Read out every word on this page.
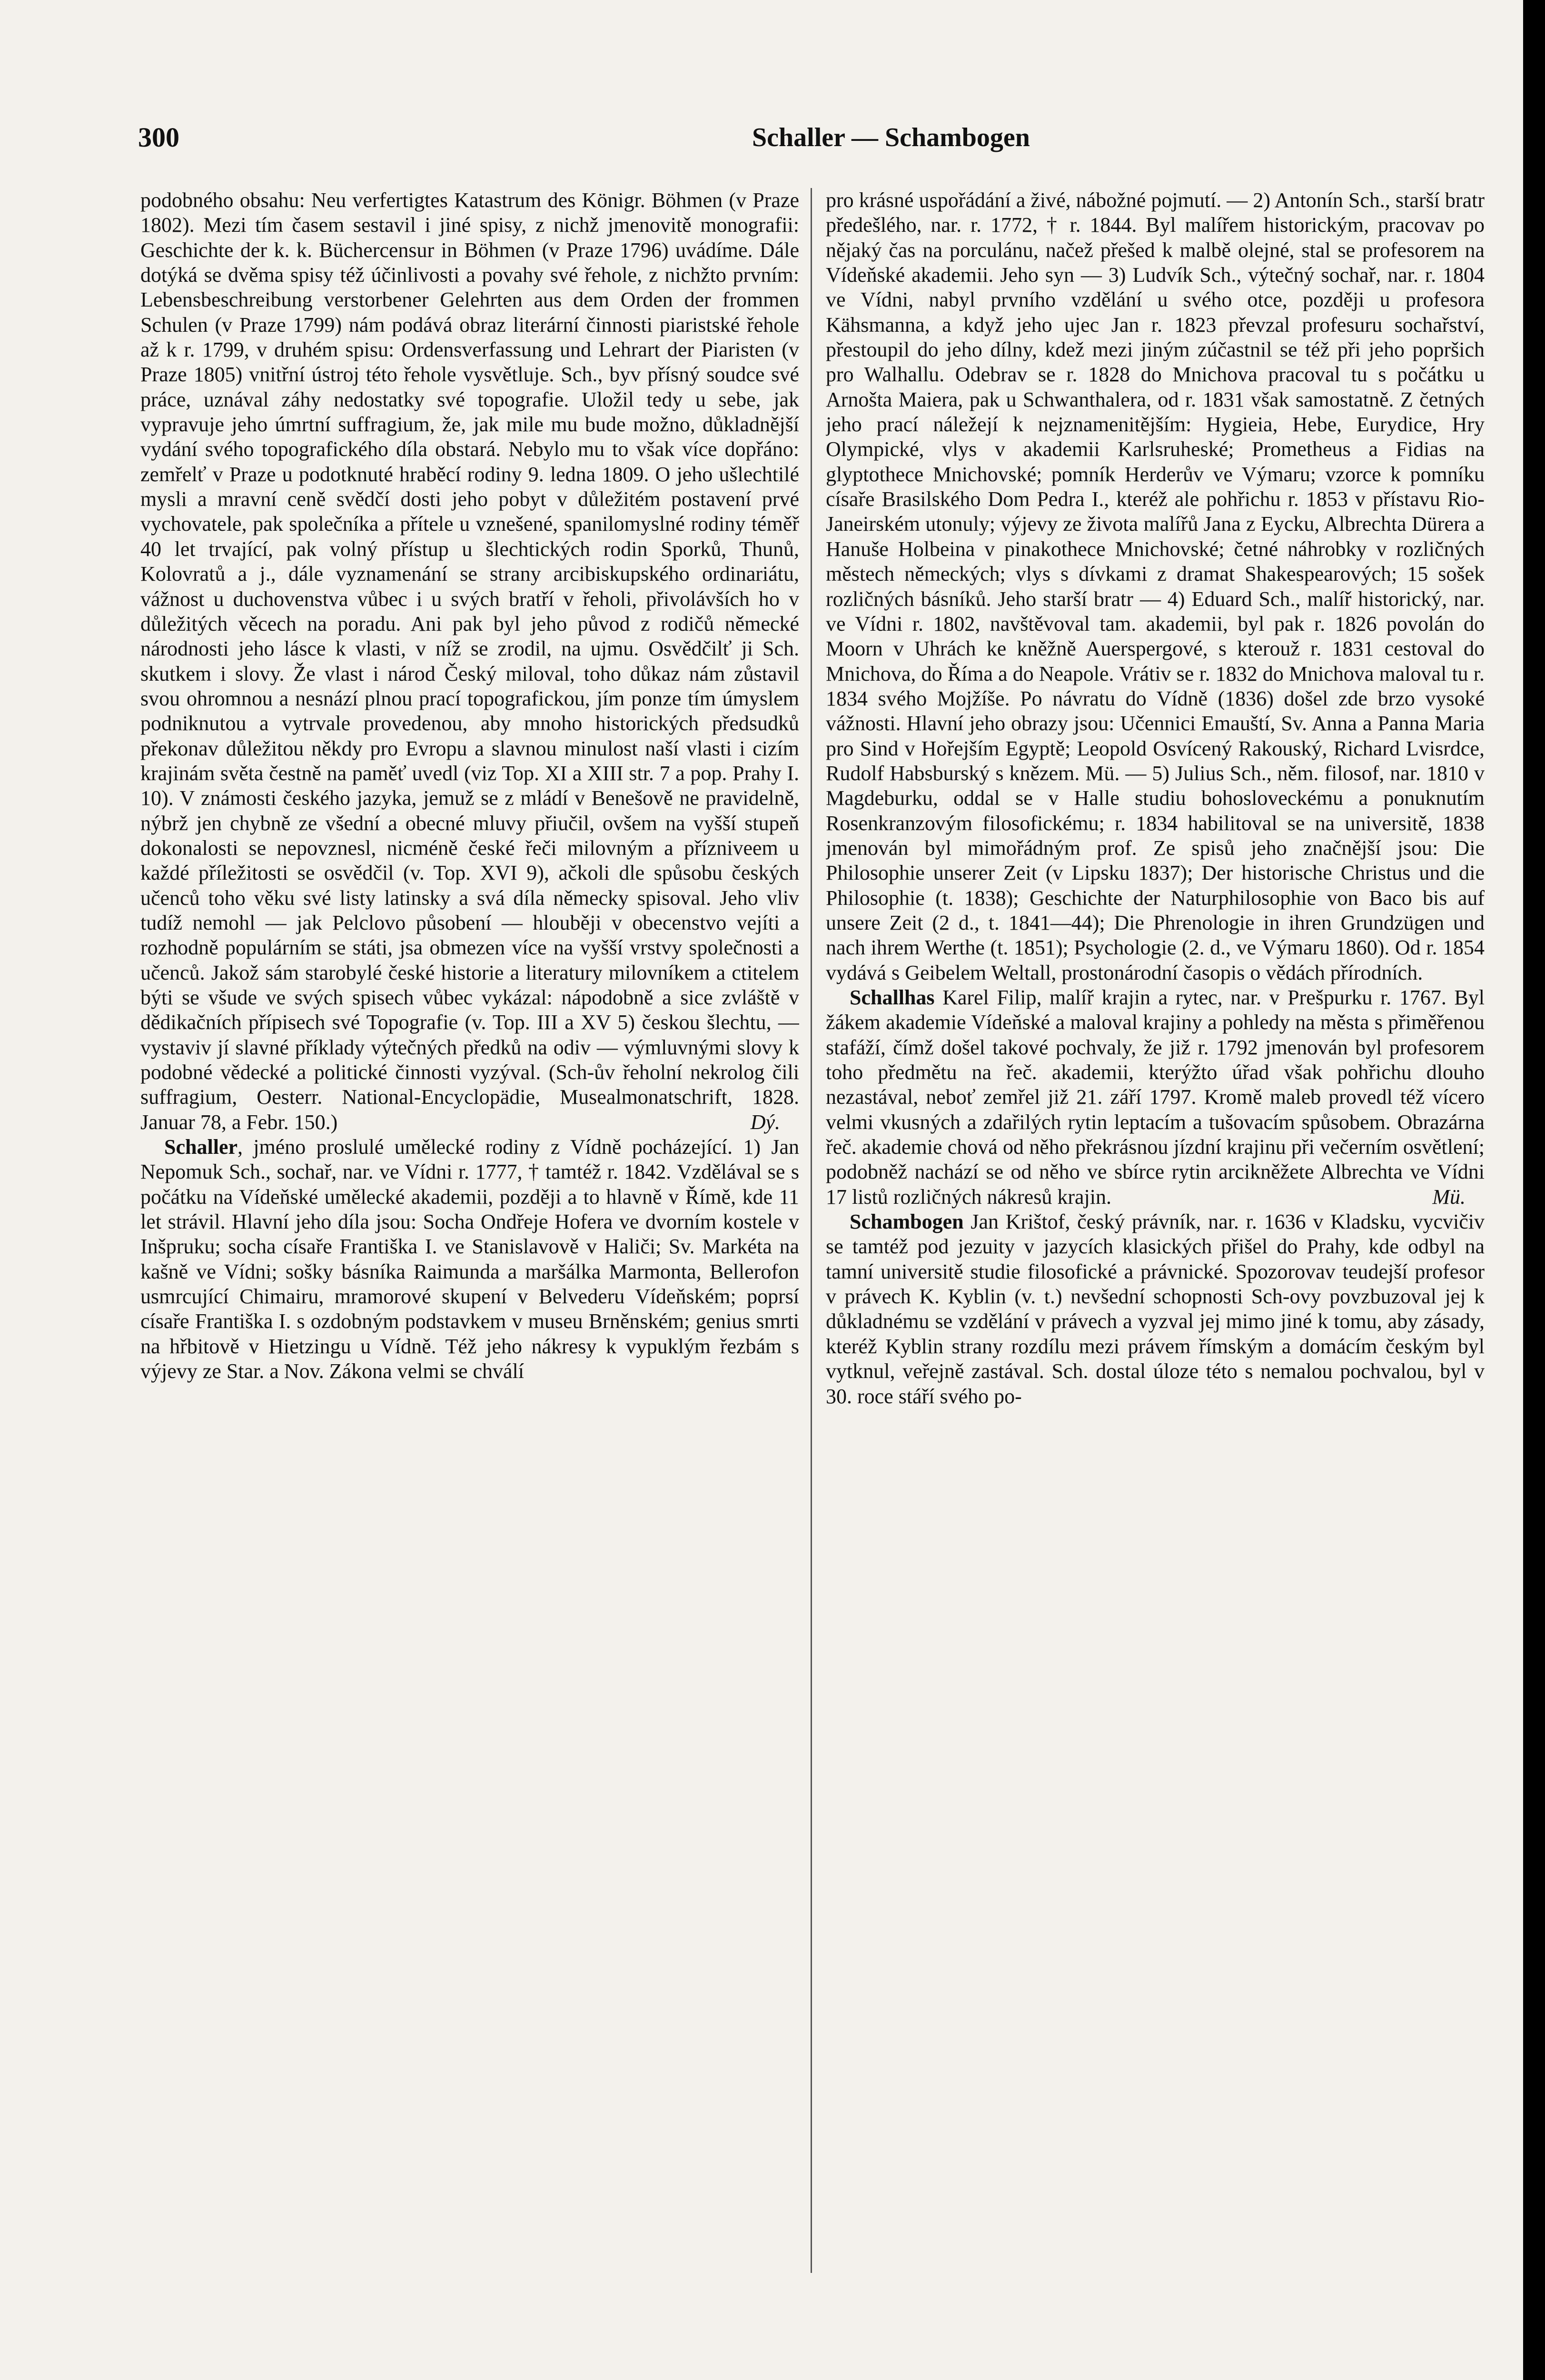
300	Schaller — Schambogen

podobného obsahu: Neu verfertigtes Katastrum des Königr. Böhmen (v Praze 1802). Mezi tím časem sestavil i jiné spisy, z nichž jmenovitě monografii: Geschichte der k. k. Büchercensur in Böhmen (v Praze 1796) uvádíme. Dále dotýká se dvěma spisy též účinlivosti a povahy své řehole, z nichžto prvním: Lebensbeschreibung verstorbener Gelehrten aus dem Orden der frommen Schulen (v Praze 1799) nám podává obraz literární činnosti piaristské řehole až k r. 1799, v druhém spisu: Ordensverfassung und Lehrart der Piaristen (v Praze 1805) vnitřní ústroj této řehole vysvětluje. Sch., byv přísný soudce své práce, uznával záhy nedostatky své topografie. Uložil tedy u sebe, jak vypravuje jeho úmrtní suffragium, že, jak mile mu bude možno, důkladnější vydání svého topografického díla obstará. Nebylo mu to však více dopřáno: zemřelť v Praze u podotknuté hraběcí rodiny 9. ledna 1809. O jeho ušlechtilé mysli a mravní ceně svědčí dosti jeho pobyt v důležitém postavení prvé vychovatele, pak společníka a přítele u vznešené, spanilomyslné rodiny téměř 40 let trvající, pak volný přístup u šlechtických rodin Sporků, Thunů, Kolovratů a j., dále vyznamenání se strany arcibiskupského ordinariátu, vážnost u duchovenstva vůbec i u svých bratří v řeholi, přivolávších ho v důležitých věcech na poradu. Ani pak byl jeho původ z rodičů německé národnosti jeho lásce k vlasti, v níž se zrodil, na ujmu. Osvědčilť ji Sch. skutkem i slovy. Že vlast i národ Český miloval, toho důkaz nám zůstavil svou ohromnou a nesnází plnou prací topografickou, jím ponze tím úmyslem podniknutou a vytrvale provedenou, aby mnoho historických předsudků překonav důležitou někdy pro Evropu a slavnou minulost naší vlasti i cizím krajinám světa čestně na paměť uvedl (viz Top. XI a XIII str. 7 a pop. Prahy I. 10). V známosti českého jazyka, jemuž se z mládí v Benešově ne pravidelně, nýbrž jen chybně ze všední a obecné mluvy přiučil, ovšem na vyšší stupeň dokonalosti se nepovznesl, nicméně české řeči milovným a přízniveem u každé příležitosti se osvědčil (v. Top. XVI 9), ačkoli dle spůsobu českých učenců toho věku své listy latinsky a svá díla německy spisoval. Jeho vliv tudíž nemohl — jak Pelclovo působení — hlouběji v obecenstvo vejíti a rozhodně populárním se státi, jsa obmezen více na vyšší vrstvy společnosti a učenců. Jakož sám starobylé české historie a literatury milovníkem a ctitelem býti se všude ve svých spisech vůbec vykázal: nápodobně a sice zvláště v dědikačních přípisech své Topografie (v. Top. III a XV 5) českou šlechtu, — vystaviv jí slavné příklady výtečných předků na odiv — výmluvnými slovy k podobné vědecké a politické činnosti vyzýval. (Sch-ův řeholní nekrolog čili suffragium, Oesterr. National-Encyclopädie, Musealmonatschrift, 1828. Januar 78, a Febr. 150.)	Dý.

Schaller, jméno proslulé umělecké rodiny z Vídně pocházející. 1) Jan Nepomuk Sch., sochař, nar. ve Vídni r. 1777, † tamtéž r. 1842. Vzdělával se s počátku na Vídeňské umělecké akademii, později a to hlavně v Římě, kde 11 let strávil. Hlavní jeho díla jsou: Socha Ondřeje Hofera ve dvorním kostele v Inšpruku; socha císaře Františka I. ve Stanislavově v Haliči; Sv. Markéta na kašně ve Vídni; sošky básníka Raimunda a maršálka Marmonta, Bellerofon usmrcující Chimairu, mramorové skupení v Belvederu Vídeňském; poprsí císaře Františka I. s ozdobným podstavkem v museu Brněnském; genius smrti na hřbitově v Hietzingu u Vídně. Též jeho nákresy k vypuklým řezbám s výjevy ze Star. a Nov. Zákona velmi se chválí

pro krásné uspořádání a živé, nábožné pojmutí. — 2) Antonín Sch., starší bratr předešlého, nar. r. 1772, † r. 1844. Byl malířem historickým, pracovav po nějaký čas na porculánu, načež přešed k malbě olejné, stal se profesorem na Vídeňské akademii. Jeho syn — 3) Ludvík Sch., výtečný sochař, nar. r. 1804 ve Vídni, nabyl prvního vzdělání u svého otce, později u profesora Kähsmanna, a když jeho ujec Jan r. 1823 převzal profesuru sochařství, přestoupil do jeho dílny, kdež mezi jiným zúčastnil se též při jeho popršich pro Walhallu. Odebrav se r. 1828 do Mnichova pracoval tu s počátku u Arnošta Maiera, pak u Schwanthalera, od r. 1831 však samostatně. Z četných jeho prací náležejí k nejznamenitějším: Hygieia, Hebe, Eurydice, Hry Olympické, vlys v akademii Karlsruheské; Prometheus a Fidias na glyptothece Mnichovské; pomník Herderův ve Výmaru; vzorce k pomníku císaře Brasilského Dom Pedra I., kteréž ale pohřichu r. 1853 v přístavu Rio-Janeirském utonuly; výjevy ze života malířů Jana z Eycku, Albrechta Dürera a Hanuše Holbeina v pinakothece Mnichovské; četné náhrobky v rozličných městech německých; vlys s dívkami z dramat Shakespearových; 15 sošek rozličných básníků. Jeho starší bratr — 4) Eduard Sch., malíř historický, nar. ve Vídni r. 1802, navštěvoval tam. akademii, byl pak r. 1826 povolán do Moorn v Uhrách ke kněžně Auerspergové, s kterouž r. 1831 cestoval do Mnichova, do Říma a do Neapole. Vrátiv se r. 1832 do Mnichova maloval tu r. 1834 svého Mojžíše. Po návratu do Vídně (1836) došel zde brzo vysoké vážnosti. Hlavní jeho obrazy jsou: Učennici Emauští, Sv. Anna a Panna Maria pro Sind v Hořejším Egyptě; Leopold Osvícený Rakouský, Richard Lvisrdce, Rudolf Habsburský s knězem. Mü. — 5) Julius Sch., něm. filosof, nar. 1810 v Magdeburku, oddal se v Halle studiu bohosloveckému a ponuknutím Rosenkranzovým filosofickému; r. 1834 habilitoval se na universitě, 1838 jmenován byl mimořádným prof. Ze spisů jeho značnější jsou: Die Philosophie unserer Zeit (v Lipsku 1837); Der historische Christus und die Philosophie (t. 1838); Geschichte der Naturphilosophie von Baco bis auf unsere Zeit (2 d., t. 1841—44); Die Phrenologie in ihren Grundzügen und nach ihrem Werthe (t. 1851); Psychologie (2. d., ve Výmaru 1860). Od r. 1854 vydává s Geibelem Weltall, prostonárodní časopis o vědách přírodních.

Schallhas Karel Filip, malíř krajin a rytec, nar. v Prešpurku r. 1767. Byl žákem akademie Vídeňské a maloval krajiny a pohledy na města s přiměřenou stafáží, čímž došel takové pochvaly, že již r. 1792 jmenován byl profesorem toho předmětu na řeč. akademii, kterýžto úřad však pohřichu dlouho nezastával, neboť zemřel již 21. září 1797. Kromě maleb provedl též vícero velmi vkusných a zdařilých rytin leptacím a tušovacím spůsobem. Obrazárna řeč. akademie chová od něho překrásnou jízdní krajinu při večerním osvětlení; podobněž nachází se od něho ve sbírce rytin arcikněžete Albrechta ve Vídni 17 listů rozličných nákresů krajin.	Mü.

Schambogen Jan Krištof, český právník, nar. r. 1636 v Kladsku, vycvičiv se tamtéž pod jezuity v jazycích klasických přišel do Prahy, kde odbyl na tamní universitě studie filosofické a právnické. Spozorovav teudejší profesor v právech K. Kyblin (v. t.) nevšední schopnosti Sch-ovy povzbuzoval jej k důkladnému se vzdělání v právech a vyzval jej mimo jiné k tomu, aby zásady, kteréž Kyblin strany rozdílu mezi právem římským a domácím českým byl vytknul, veřejně zastával. Sch. dostal úloze této s nemalou pochvalou, byl v 30. roce stáří svého po-
